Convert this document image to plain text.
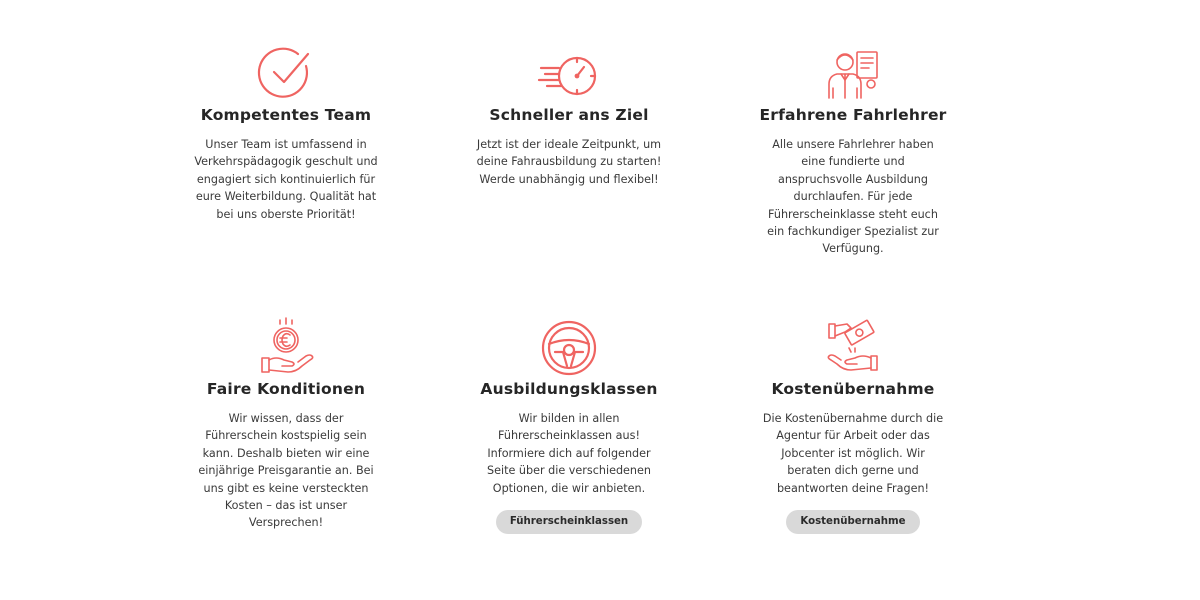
Kompetentes Team

Unser Team ist umfassend in Verkehrspädagogik geschult und engagiert sich kontinuierlich für eure Weiterbildung. Qualität hat bei uns oberste Priorität!

Schneller ans Ziel

Jetzt ist der ideale Zeitpunkt, um deine Fahrausbildung zu starten! Werde unabhängig und flexibel!

Erfahrene Fahrlehrer

Alle unsere Fahrlehrer haben eine fundierte und anspruchsvolle Ausbildung durchlaufen. Für jede Führerscheinklasse steht euch ein fachkundiger Spezialist zur Verfügung.

Faire Konditionen

Wir wissen, dass der Führerschein kostspielig sein kann. Deshalb bieten wir eine einjährige Preisgarantie an. Bei uns gibt es keine versteckten Kosten – das ist unser Versprechen!

Ausbildungsklassen

Wir bilden in allen Führerscheinklassen aus! Informiere dich auf folgender Seite über die verschiedenen Optionen, die wir anbieten.

Führerscheinklassen
Kostenübernahme

Die Kostenübernahme durch die Agentur für Arbeit oder das Jobcenter ist möglich. Wir beraten dich gerne und beantworten deine Fragen!

Kostenübernahme
